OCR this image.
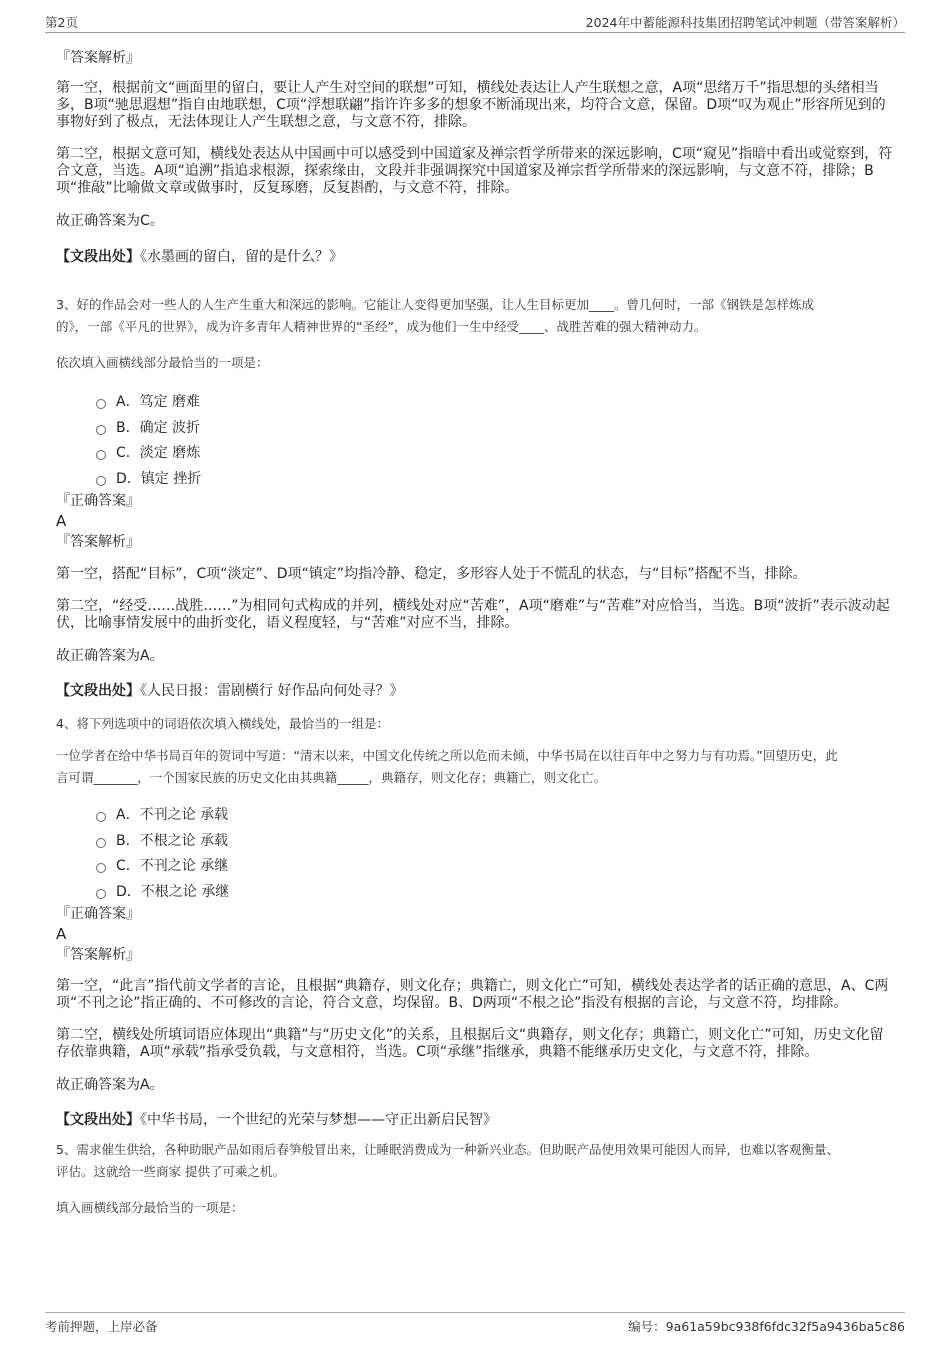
第2页	2024年中蓄能源科技集团招聘笔试冲刺题（带答案解析）
『答案解析』

第一空，根据前文“画面里的留白，要让人产生对空间的联想”可知，横线处表达让人产生联想之意，A项“思绪万千”指思想的头绪相当多，B项“驰思遐想”指自由地联想，C项“浮想联翩”指许许多多的想象不断涌现出来，均符合文意，保留。D项“叹为观止”形容所见到的事物好到了极点，无法体现让人产生联想之意，与文意不符，排除。

第二空，根据文意可知，横线处表达从中国画中可以感受到中国道家及禅宗哲学所带来的深远影响，C项“窥见”指暗中看出或觉察到，符合文意，当选。A项“追溯”指追求根源，探索缘由，文段并非强调探究中国道家及禅宗哲学所带来的深远影响，与文意不符，排除；B项“推敲”比喻做文章或做事时，反复琢磨，反复斟酌，与文意不符，排除。

故正确答案为C。

【文段出处】《水墨画的留白，留的是什么？》

3、好的作品会对一些人的人生产生重大和深远的影响。它能让人变得更加坚强，让人生目标更加____。曾几何时，一部《钢铁是怎样炼成

的》，一部《平凡的世界》，成为许多青年人精神世界的“圣经”，成为他们一生中经受____、战胜苦难的强大精神动力。

依次填入画横线部分最恰当的一项是：

A．笃定 磨难
B．确定 波折
C．淡定 磨炼
D．镇定 挫折
『正确答案』
A
『答案解析』

第一空，搭配“目标”，C项“淡定”、D项“镇定”均指冷静、稳定，多形容人处于不慌乱的状态，与“目标”搭配不当，排除。

第二空，“经受……战胜……”为相同句式构成的并列，横线处对应“苦难”，A项“磨难”与“苦难”对应恰当，当选。B项“波折”表示波动起伏，比喻事情发展中的曲折变化，语义程度轻，与“苦难”对应不当，排除。

故正确答案为A。

【文段出处】《人民日报：雷剧横行 好作品向何处寻？》

4、将下列选项中的词语依次填入横线处，最恰当的一组是：

一位学者在给中华书局百年的贺词中写道：“清末以来，中国文化传统之所以危而未倾，中华书局在以往百年中之努力与有功焉。”回望历史，此

言可谓_______，一个国家民族的历史文化由其典籍_____，典籍存，则文化存；典籍亡，则文化亡。

A．不刊之论 承载
B．不根之论 承载
C．不刊之论 承继
D．不根之论 承继
『正确答案』
A
『答案解析』

第一空，“此言”指代前文学者的言论，且根据“典籍存，则文化存；典籍亡，则文化亡”可知，横线处表达学者的话正确的意思，A、C两项“不刊之论”指正确的、不可修改的言论，符合文意，均保留。B、D两项“不根之论”指没有根据的言论，与文意不符，均排除。

第二空，横线处所填词语应体现出“典籍”与“历史文化”的关系，且根据后文“典籍存，则文化存；典籍亡，则文化亡”可知，历史文化留存依靠典籍，A项“承载”指承受负载，与文意相符，当选。C项“承继”指继承，典籍不能继承历史文化，与文意不符，排除。

故正确答案为A。

【文段出处】《中华书局，一个世纪的光荣与梦想——守正出新启民智》

5、需求催生供给，各种助眠产品如雨后春笋般冒出来，让睡眠消费成为一种新兴业态。但助眠产品使用效果可能因人而异，也难以客观衡量、

评估。这就给一些商家 提供了可乘之机。

填入画横线部分最恰当的一项是：

考前押题，上岸必备	编号：9a61a59bc938f6fdc32f5a9436ba5c86
